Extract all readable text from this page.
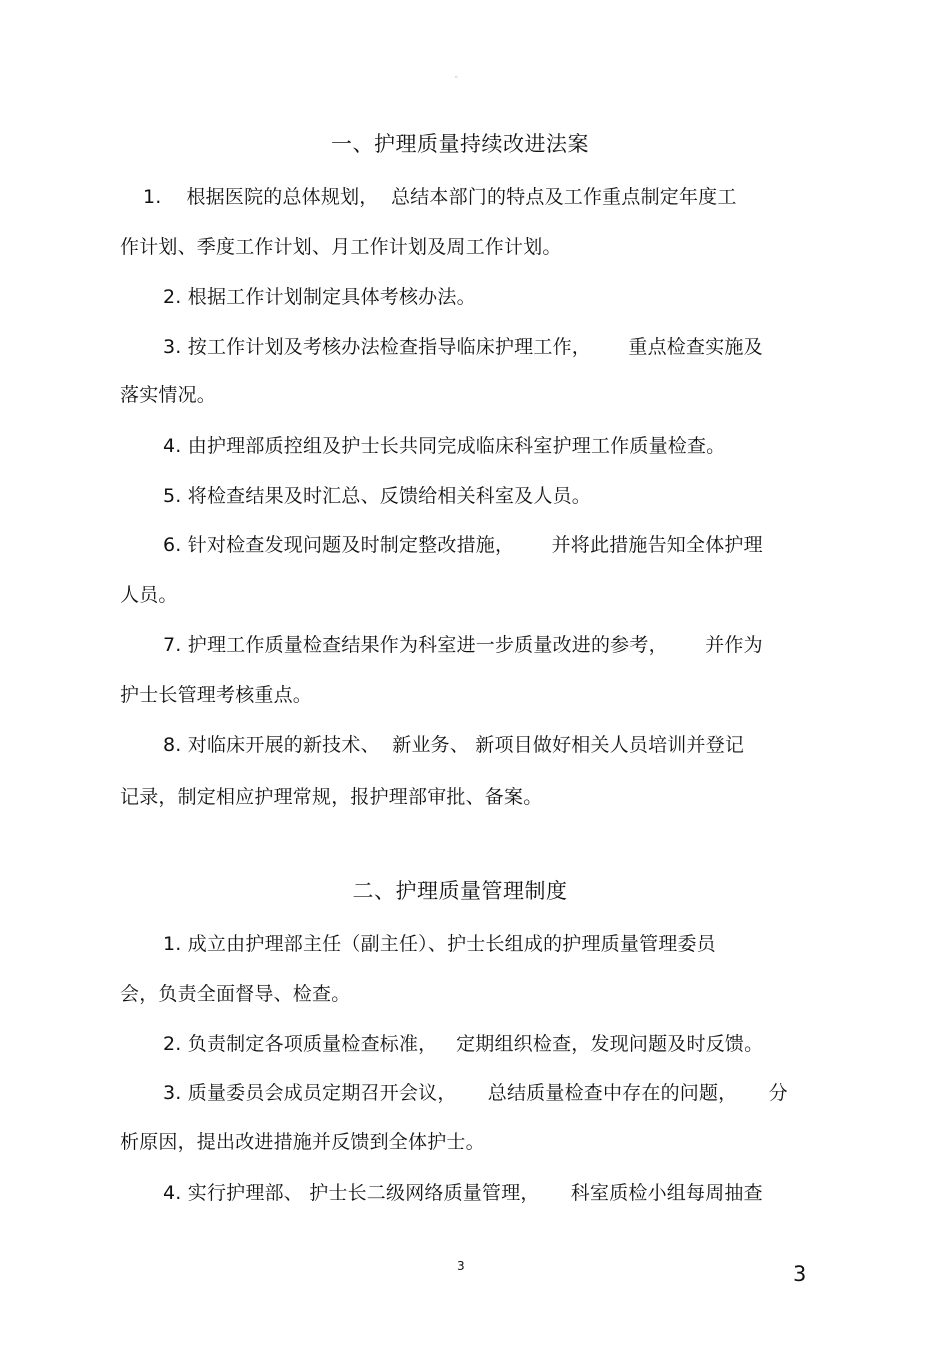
。
一、护理质量持续改进法案
1.    根据医院的总体规划，  总结本部门的特点及工作重点制定年度工
作计划、季度工作计划、月工作计划及周工作计划。
2. 根据工作计划制定具体考核办法。
3. 按工作计划及考核办法检查指导临床护理工作，      重点检查实施及
落实情况。
4. 由护理部质控组及护士长共同完成临床科室护理工作质量检查。
5. 将检查结果及时汇总、反馈给相关科室及人员。
6. 针对检查发现问题及时制定整改措施，      并将此措施告知全体护理
人员。
7. 护理工作质量检查结果作为科室进一步质量改进的参考，      并作为
护士长管理考核重点。
8. 对临床开展的新技术、  新业务、 新项目做好相关人员培训并登记
记录，制定相应护理常规，报护理部审批、备案。
二、护理质量管理制度
1. 成立由护理部主任（副主任）、护士长组成的护理质量管理委员
会，负责全面督导、检查。
2. 负责制定各项质量检查标准，   定期组织检查，发现问题及时反馈。
3. 质量委员会成员定期召开会议，     总结质量检查中存在的问题，     分
析原因，提出改进措施并反馈到全体护士。
4. 实行护理部、 护士长二级网络质量管理，     科室质检小组每周抽查
3	3
